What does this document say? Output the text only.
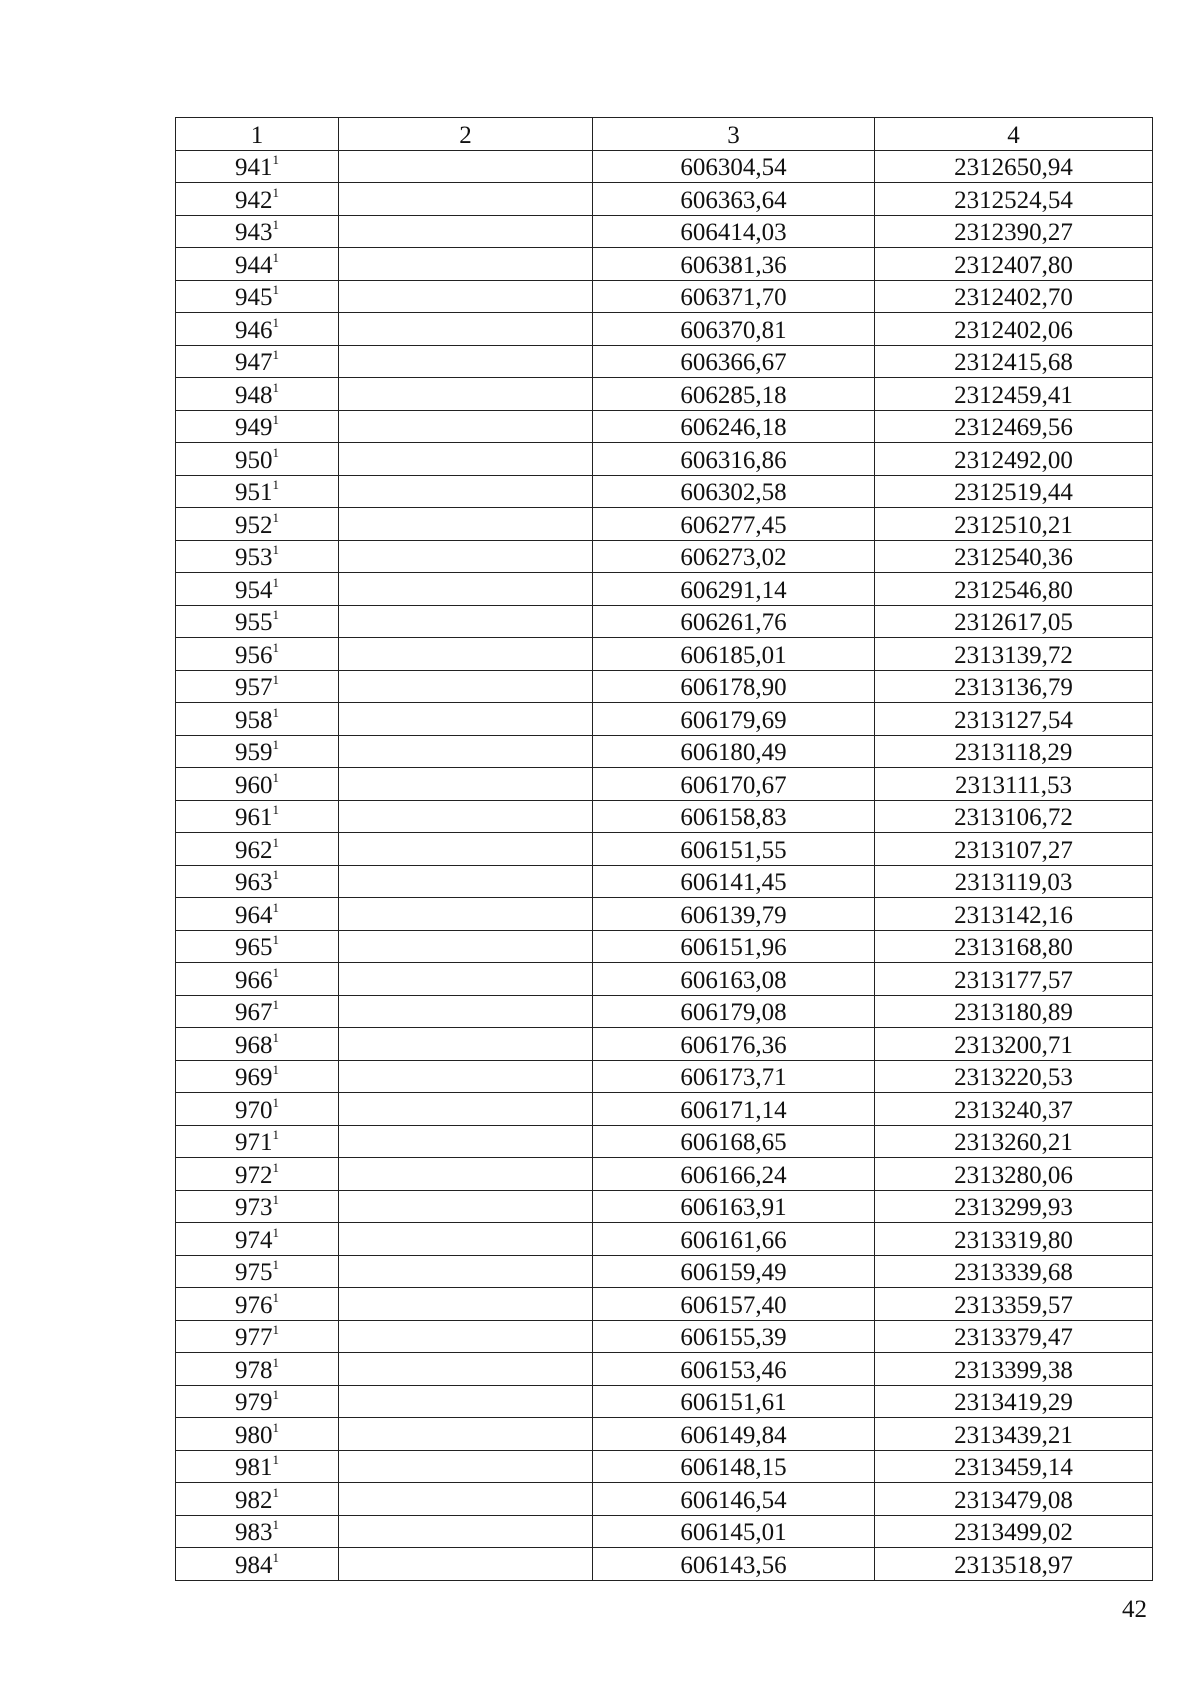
1	2	3	4
$941^1$		606304,54	2312650,94
$942^1$		606363,64	2312524,54
$943^1$		606414,03	2312390,27
$944^1$		606381,36	2312407,80
$945^1$		606371,70	2312402,70
$946^1$		606370,81	2312402,06
$947^1$		606366,67	2312415,68
$948^1$		606285,18	2312459,41
$949^1$		606246,18	2312469,56
$950^1$		606316,86	2312492,00
$951^1$		606302,58	2312519,44
$952^1$		606277,45	2312510,21
$953^1$		606273,02	2312540,36
$954^1$		606291,14	2312546,80
$955^1$		606261,76	2312617,05
$956^1$		606185,01	2313139,72
$957^1$		606178,90	2313136,79
$958^1$		606179,69	2313127,54
$959^1$		606180,49	2313118,29
$960^1$		606170,67	2313111,53
$961^1$		606158,83	2313106,72
$962^1$		606151,55	2313107,27
$963^1$		606141,45	2313119,03
$964^1$		606139,79	2313142,16
$965^1$		606151,96	2313168,80
$966^1$		606163,08	2313177,57
$967^1$		606179,08	2313180,89
$968^1$		606176,36	2313200,71
$969^1$		606173,71	2313220,53
$970^1$		606171,14	2313240,37
$971^1$		606168,65	2313260,21
$972^1$		606166,24	2313280,06
$973^1$		606163,91	2313299,93
$974^1$		606161,66	2313319,80
$975^1$		606159,49	2313339,68
$976^1$		606157,40	2313359,57
$977^1$		606155,39	2313379,47
$978^1$		606153,46	2313399,38
$979^1$		606151,61	2313419,29
$980^1$		606149,84	2313439,21
$981^1$		606148,15	2313459,14
$982^1$		606146,54	2313479,08
$983^1$		606145,01	2313499,02
$984^1$		606143,56	2313518,97
42
